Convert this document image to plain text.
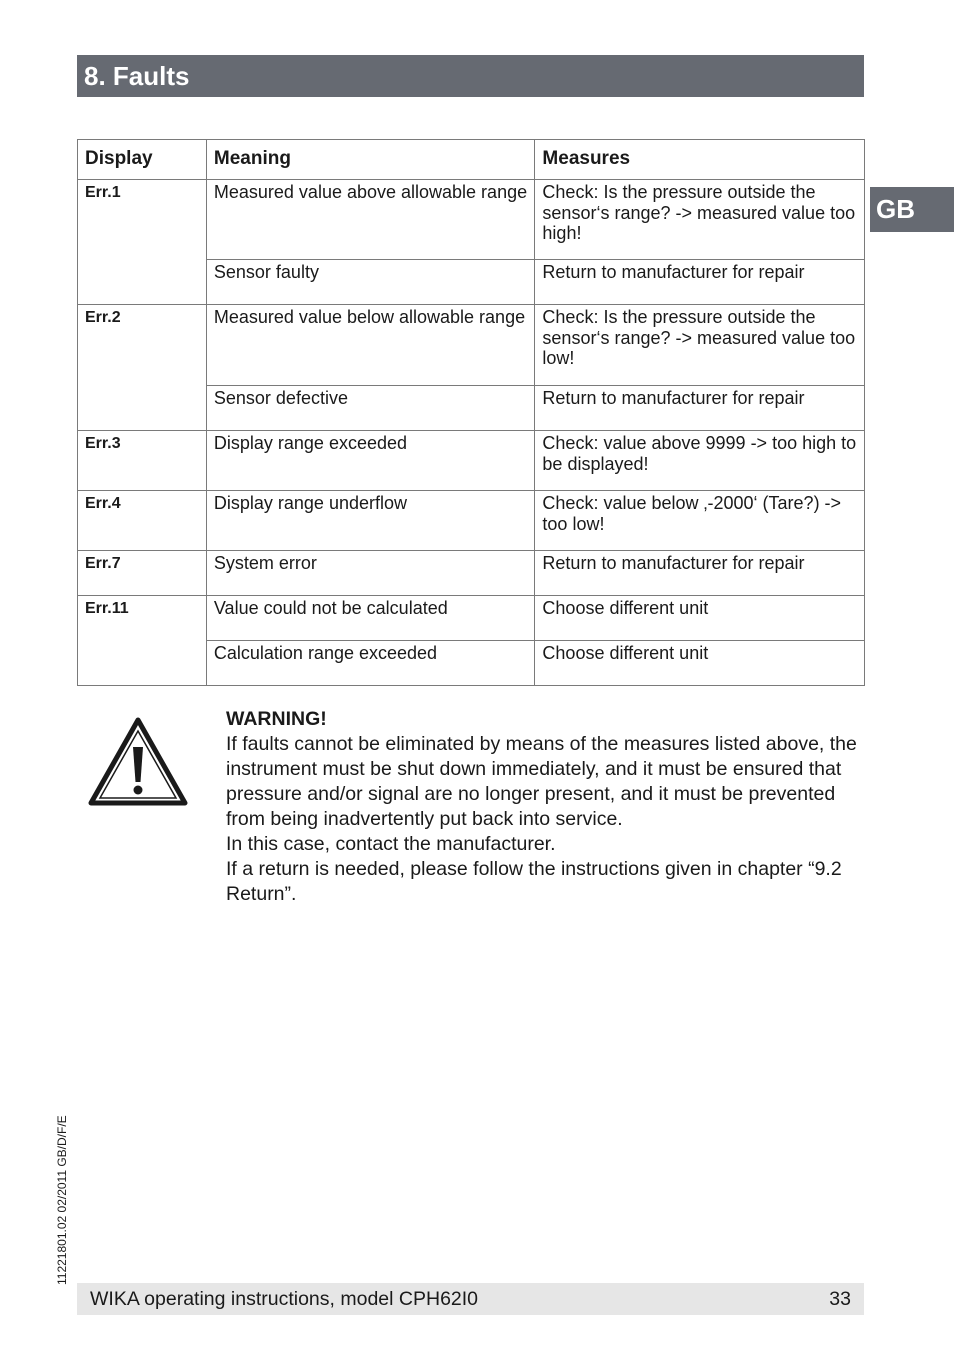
8. Faults
GB
Display	Meaning	Measures
Err.1	Measured value above allowable range	Check: Is the pressure outside the sensor‘s range? -> measured value too high!
	Sensor faulty	Return to manufacturer for repair
Err.2	Measured value below allowable range	Check: Is the pressure outside the sensor‘s range? -> measured value too low!
	Sensor defective	Return to manufacturer for repair
Err.3	Display range exceeded	Check: value above 9999 -> too high to be displayed!
Err.4	Display range underflow	Check: value below ‚-2000‘ (Tare?) -> too low!
Err.7	System error	Return to manufacturer for repair
Err.11	Value could not be calculated	Choose different unit
	Calculation range exceeded	Choose different unit

WARNING!

If faults cannot be eliminated by means of the measures listed above, the instrument must be shut down immediately, and it must be ensured that pressure and/or signal are no longer present, and it must be prevented from being inadvertently put back into service.

In this case, contact the manufacturer.

If a return is needed, please follow the instructions given in chapter “9.2 Return”.

11221801.02 02/2011 GB/D/F/E
WIKA operating instructions, model CPH62I0	33
